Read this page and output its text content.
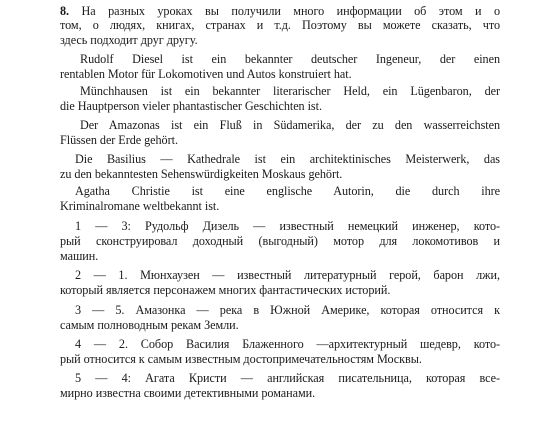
8. На разных уроках вы получили много информации об этом и о
том, о людях, книгах, странах и т.д. Поэтому вы можете сказать, что
здесь подходит друг другу.
Rudolf Diesel ist ein bekannter deutscher Ingeneur, der einen
rentablen Motor für Lokomotiven und Autos konstruiert hat.
Münchhausen ist ein bekannter literarischer Held, ein Lügenbaron, der
die Hauptperson vieler phantastischer Geschichten ist.
Der Amazonas ist ein Fluß in Südamerika, der zu den wasserreichsten
Flüssen der Erde gehört.
Die Basilius — Kathedrale ist ein architektinisches Meisterwerk, das
zu den bekanntesten Sehenswürdigkeiten Moskaus gehört.
Agatha Christie ist eine englische Autorin, die durch ihre
Kriminalromane weltbekannt ist.
1 — 3: Рудольф Дизель — известный немецкий инженер, кото-
рый сконструировал доходный (выгодный) мотор для локомотивов и
машин.
2 — 1. Мюнхаузен — известный литературный герой, барон лжи,
который является персонажем многих фантастических историй.
3 — 5. Амазонка — река в Южной Америке, которая относится к
самым полноводным рекам Земли.
4 — 2. Собор Василия Блаженного —архитектурный шедевр, кото-
рый относится к самым известным достопримечательностям Москвы.
5 — 4: Агата Кристи — английская писательница, которая все-
мирно известна своими детективными романами.
